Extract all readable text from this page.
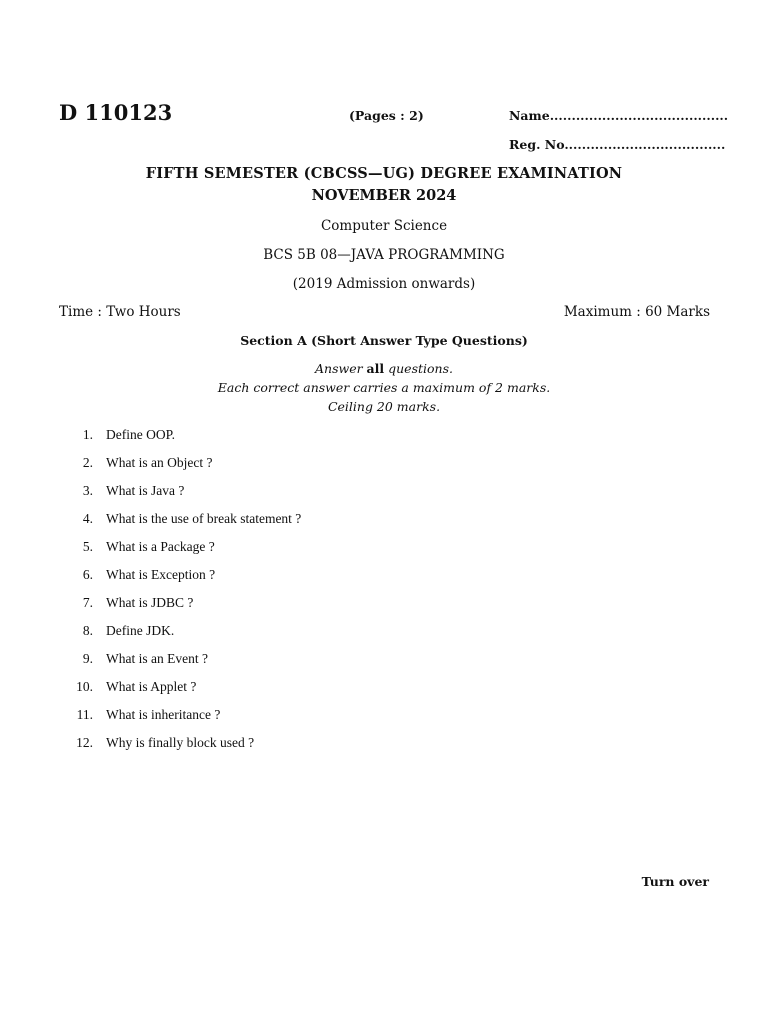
D 110123	(Pages : 2)	Name.........................................
Reg. No.....................................
FIFTH SEMESTER (CBCSS—UG) DEGREE EXAMINATION
NOVEMBER 2024
Computer Science
BCS 5B 08—JAVA PROGRAMMING
(2019 Admission onwards)
Time : Two Hours	Maximum : 60 Marks
Section A (Short Answer Type Questions)
Answer all questions.
Each correct answer carries a maximum of 2 marks.
Ceiling 20 marks.
1. Define OOP.
2. What is an Object ?
3. What is Java ?
4. What is the use of break statement ?
5. What is a Package ?
6. What is Exception ?
7. What is JDBC ?
8. Define JDK.
9. What is an Event ?
10. What is Applet ?
11. What is inheritance ?
12. Why is finally block used ?
Turn over
